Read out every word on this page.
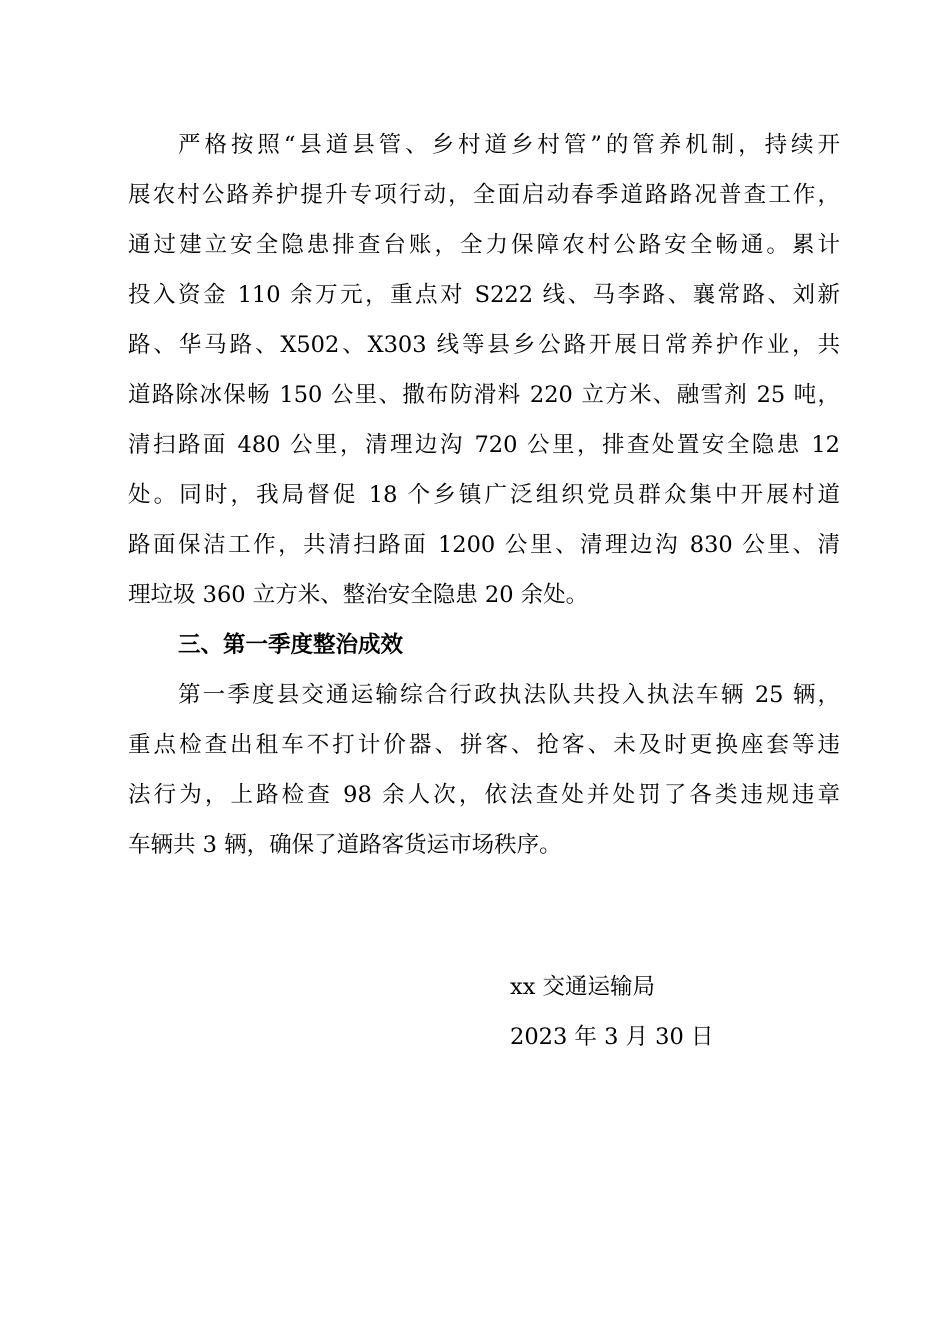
严格按照“县道县管、乡村道乡村管”的管养机制，持续开
展农村公路养护提升专项行动，全面启动春季道路路况普查工作，
通过建立安全隐患排查台账，全力保障农村公路安全畅通。累计
投入资金 110 余万元，重点对 S222 线、马李路、襄常路、刘新
路、华马路、X502、X303 线等县乡公路开展日常养护作业，共
道路除冰保畅 150 公里、撒布防滑料 220 立方米、融雪剂 25 吨，
清扫路面 480 公里，清理边沟 720 公里，排查处置安全隐患 12
处。同时，我局督促 18 个乡镇广泛组织党员群众集中开展村道
路面保洁工作，共清扫路面 1200 公里、清理边沟 830 公里、清
理垃圾 360 立方米、整治安全隐患 20 余处。
三、第一季度整治成效
第一季度县交通运输综合行政执法队共投入执法车辆 25 辆，
重点检查出租车不打计价器、拼客、抢客、未及时更换座套等违
法行为，上路检查 98 余人次，依法查处并处罚了各类违规违章
车辆共 3 辆，确保了道路客货运市场秩序。
xx 交通运输局
2023 年 3 月 30 日
